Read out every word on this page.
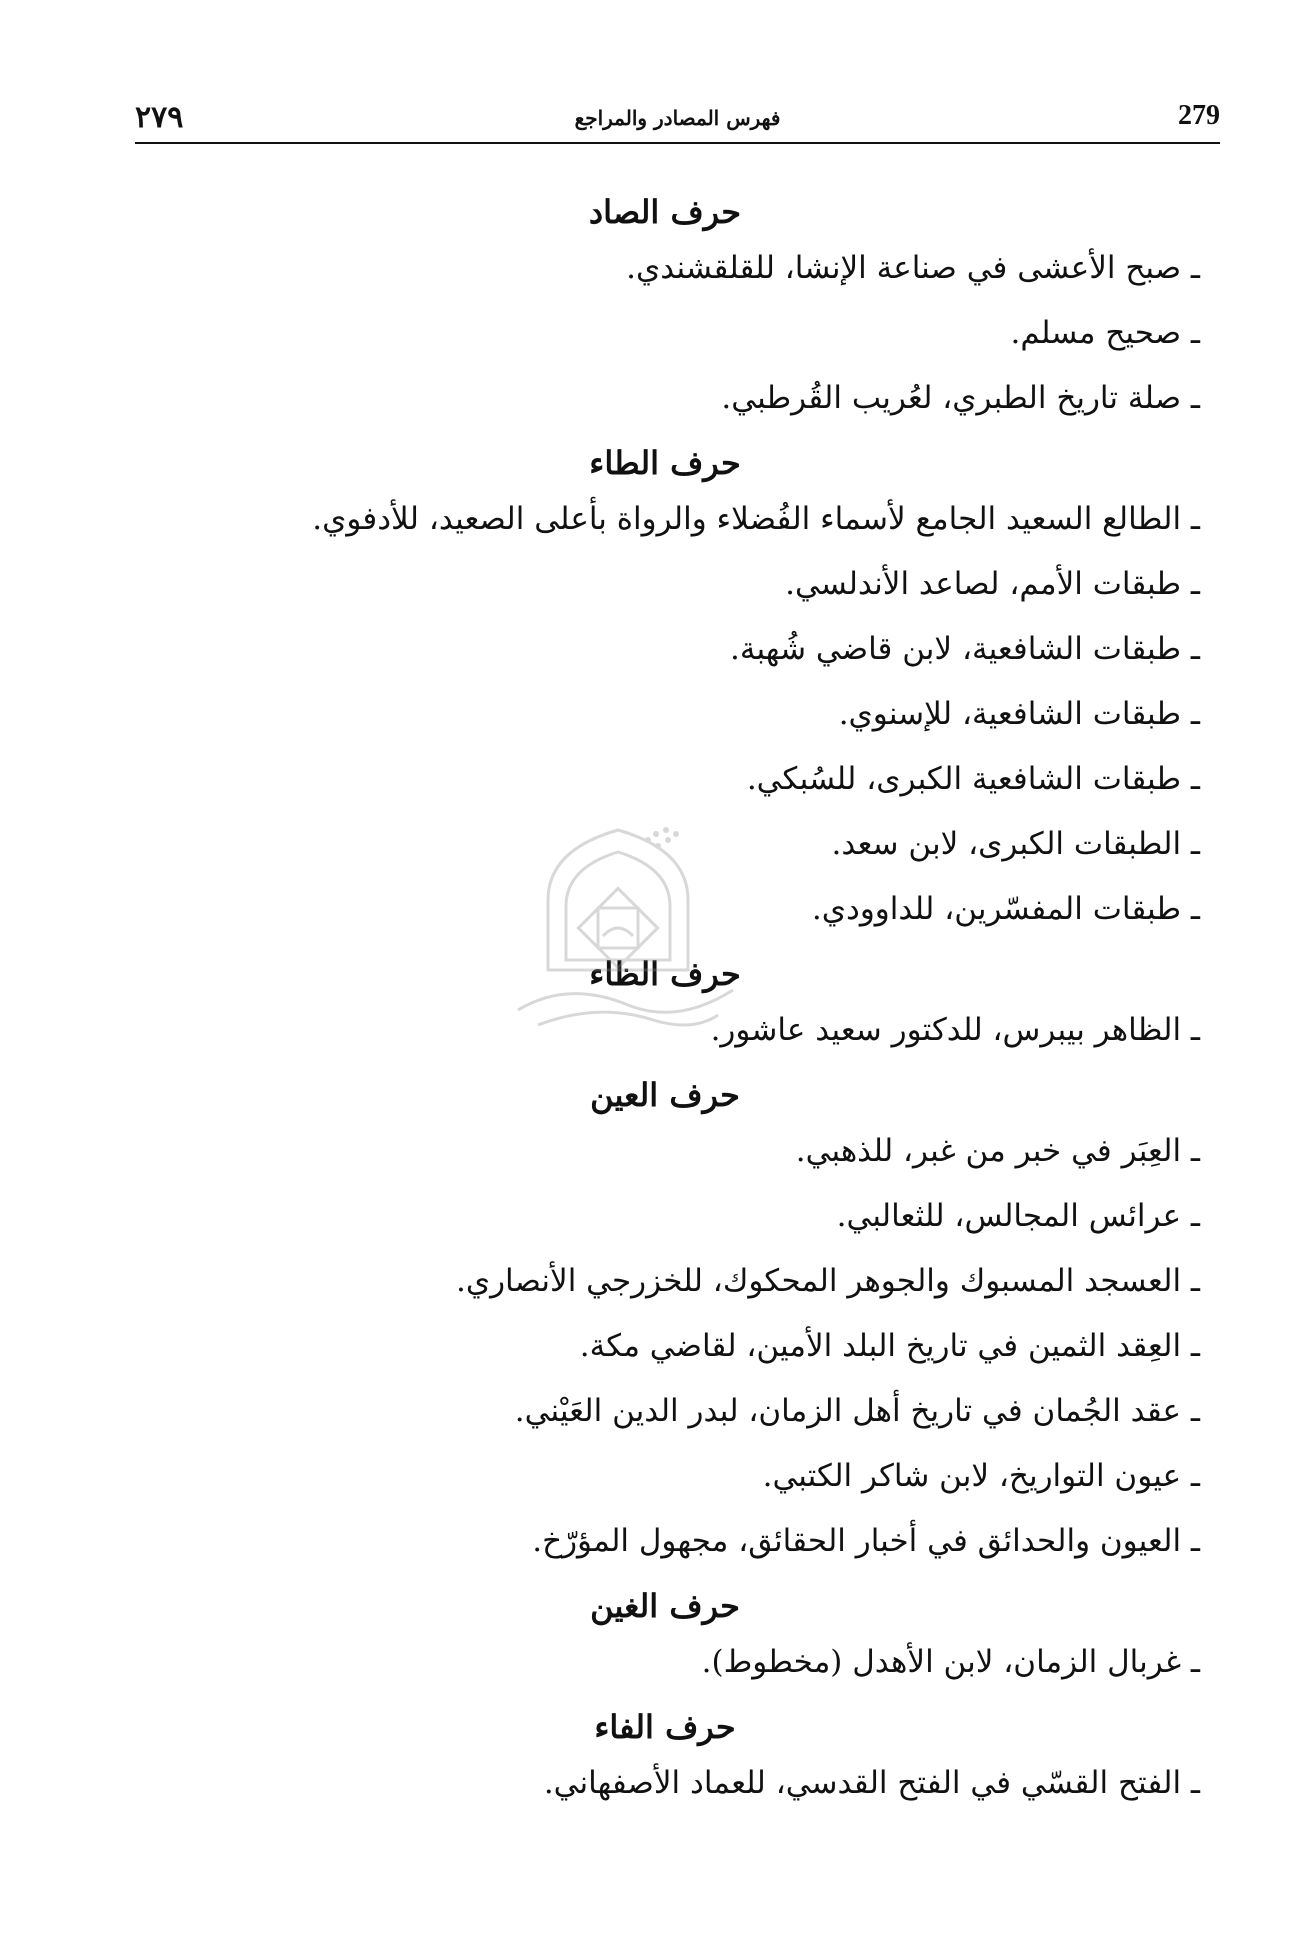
٢٧٩	فهرس المصادر والمراجع	279
حرف الصاد
ـ صبح الأعشى في صناعة الإنشا، للقلقشندي.
ـ صحيح مسلم.
ـ صلة تاريخ الطبري، لعُريب القُرطبي.
حرف الطاء
ـ الطالع السعيد الجامع لأسماء الفُضلاء والرواة بأعلى الصعيد، للأدفوي.
ـ طبقات الأمم، لصاعد الأندلسي.
ـ طبقات الشافعية، لابن قاضي شُهبة.
ـ طبقات الشافعية، للإسنوي.
ـ طبقات الشافعية الكبرى، للسُبكي.
ـ الطبقات الكبرى، لابن سعد.
ـ طبقات المفسّرين، للداوودي.
حرف الظاء
ـ الظاهر بيبرس، للدكتور سعيد عاشور.
حرف العين
ـ العِبَر في خبر من غبر، للذهبي.
ـ عرائس المجالس، للثعالبي.
ـ العسجد المسبوك والجوهر المحكوك، للخزرجي الأنصاري.
ـ العِقد الثمين في تاريخ البلد الأمين، لقاضي مكة.
ـ عقد الجُمان في تاريخ أهل الزمان، لبدر الدين العَيْني.
ـ عيون التواريخ، لابن شاكر الكتبي.
ـ العيون والحدائق في أخبار الحقائق، مجهول المؤرّخ.
حرف الغين
ـ غربال الزمان، لابن الأهدل (مخطوط).
حرف الفاء
ـ الفتح القسّي في الفتح القدسي، للعماد الأصفهاني.
